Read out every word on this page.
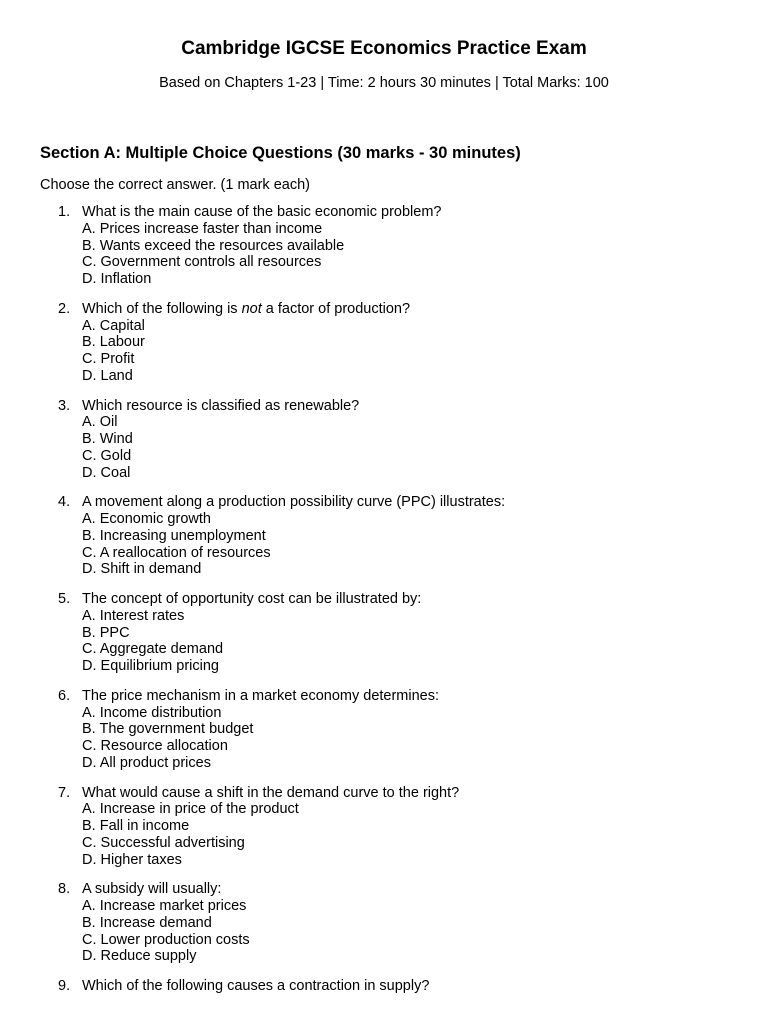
Cambridge IGCSE Economics Practice Exam

Based on Chapters 1-23 | Time: 2 hours 30 minutes | Total Marks: 100

Section A: Multiple Choice Questions (30 marks - 30 minutes)

Choose the correct answer. (1 mark each)

1. What is the main cause of the basic economic problem?
A. Prices increase faster than income
B. Wants exceed the resources available
C. Government controls all resources
D. Inflation
2. Which of the following is not a factor of production?
A. Capital
B. Labour
C. Profit
D. Land
3. Which resource is classified as renewable?
A. Oil
B. Wind
C. Gold
D. Coal
4. A movement along a production possibility curve (PPC) illustrates:
A. Economic growth
B. Increasing unemployment
C. A reallocation of resources
D. Shift in demand
5. The concept of opportunity cost can be illustrated by:
A. Interest rates
B. PPC
C. Aggregate demand
D. Equilibrium pricing
6. The price mechanism in a market economy determines:
A. Income distribution
B. The government budget
C. Resource allocation
D. All product prices
7. What would cause a shift in the demand curve to the right?
A. Increase in price of the product
B. Fall in income
C. Successful advertising
D. Higher taxes
8. A subsidy will usually:
A. Increase market prices
B. Increase demand
C. Lower production costs
D. Reduce supply
9. Which of the following causes a contraction in supply?
